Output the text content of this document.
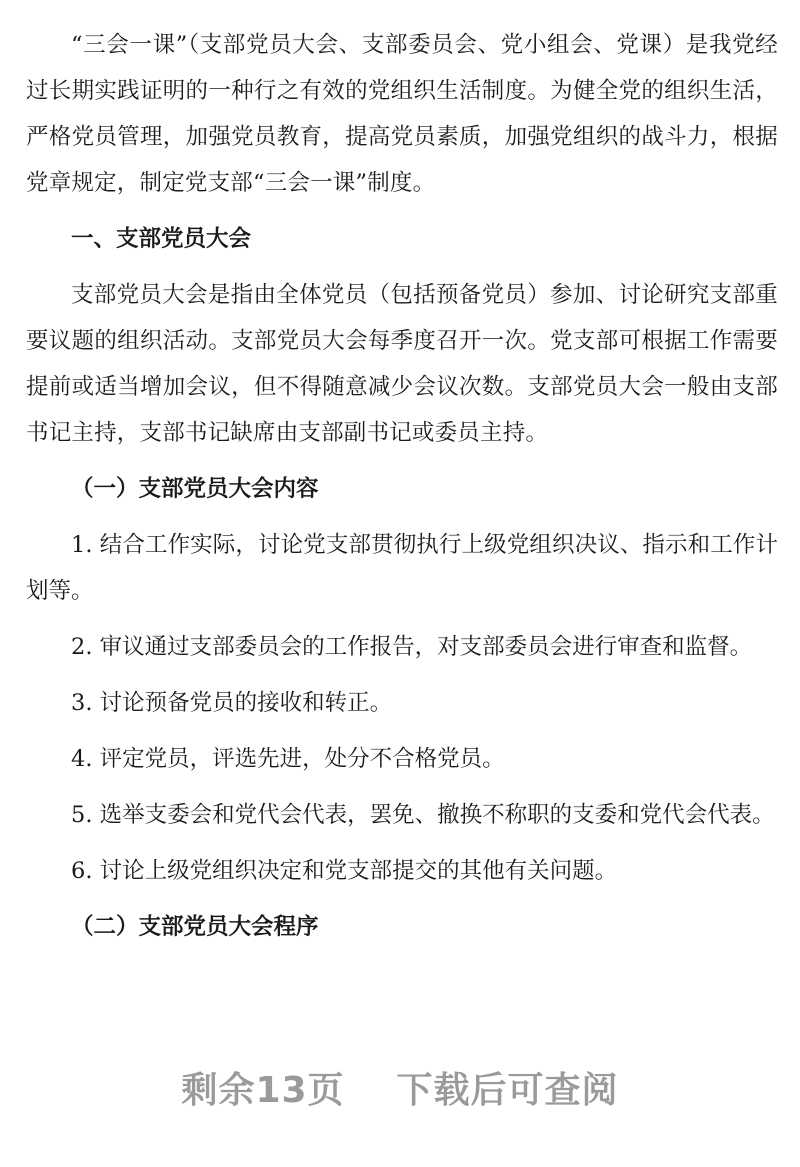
“三会一课”（支部党员大会、支部委员会、党小组会、党课）是我党经过长期实践证明的一种行之有效的党组织生活制度。为健全党的组织生活，严格党员管理，加强党员教育，提高党员素质，加强党组织的战斗力，根据党章规定，制定党支部“三会一课”制度。

一、支部党员大会

支部党员大会是指由全体党员（包括预备党员）参加、讨论研究支部重要议题的组织活动。支部党员大会每季度召开一次。党支部可根据工作需要提前或适当增加会议，但不得随意减少会议次数。支部党员大会一般由支部书记主持，支部书记缺席由支部副书记或委员主持。

（一）支部党员大会内容

1. 结合工作实际，讨论党支部贯彻执行上级党组织决议、指示和工作计划等。

2. 审议通过支部委员会的工作报告，对支部委员会进行审查和监督。

3. 讨论预备党员的接收和转正。

4. 评定党员，评选先进，处分不合格党员。

5. 选举支委会和党代会代表，罢免、撤换不称职的支委和党代会代表。

6. 讨论上级党组织决定和党支部提交的其他有关问题。

（二）支部党员大会程序

剩余13页 下载后可查阅
